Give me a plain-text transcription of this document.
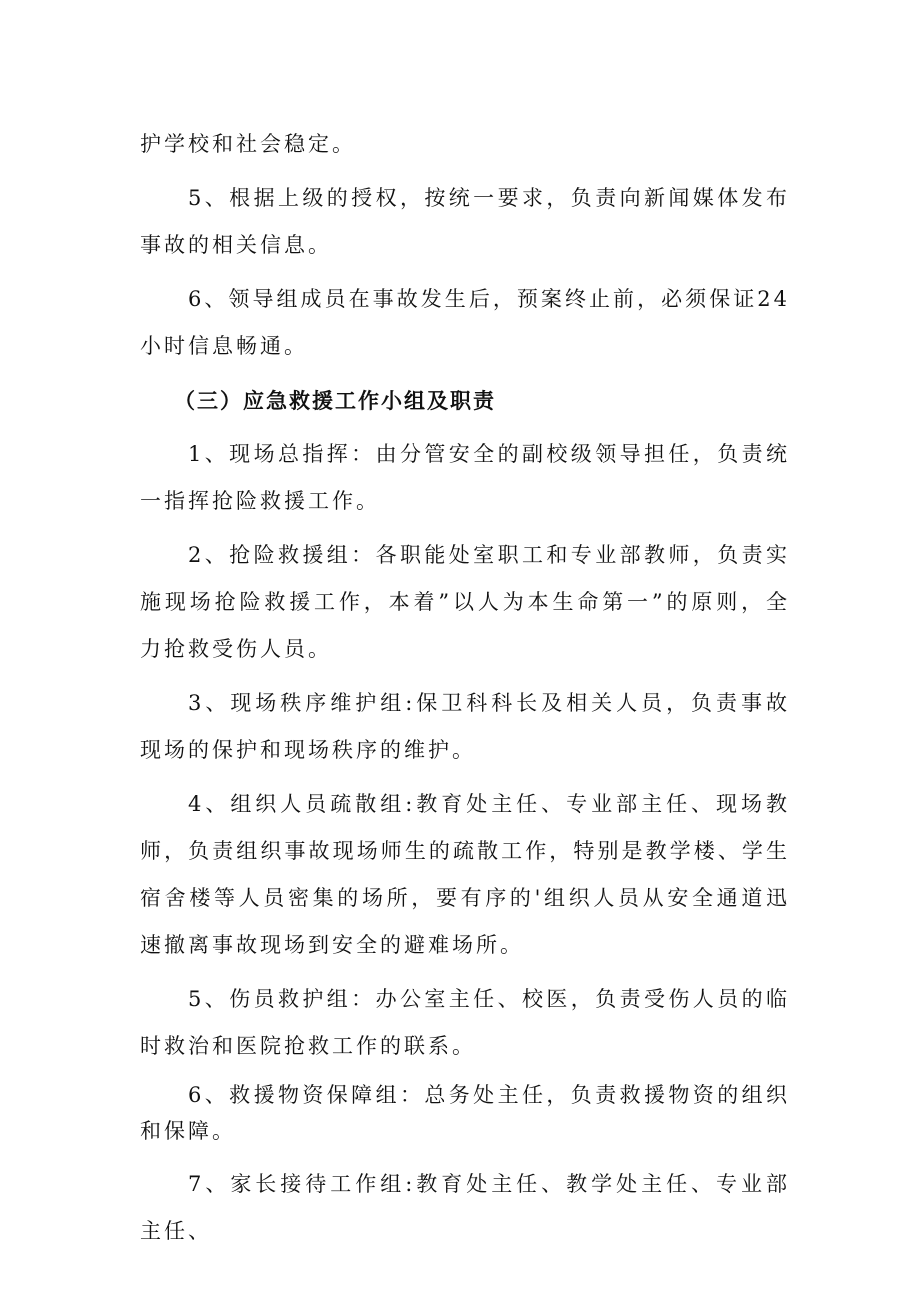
护学校和社会稳定。

5、根据上级的授权，按统一要求，负责向新闻媒体发布事故的相关信息。

6、领导组成员在事故发生后，预案终止前，必须保证24小时信息畅通。

（三）应急救援工作小组及职责

1、现场总指挥：由分管安全的副校级领导担任，负责统一指挥抢险救援工作。

2、抢险救援组：各职能处室职工和专业部教师，负责实施现场抢险救援工作，本着”以人为本生命第一”的原则，全力抢救受伤人员。

3、现场秩序维护组:保卫科科长及相关人员，负责事故现场的保护和现场秩序的维护。

4、组织人员疏散组:教育处主任、专业部主任、现场教师，负责组织事故现场师生的疏散工作，特别是教学楼、学生宿舍楼等人员密集的场所，要有序的'组织人员从安全通道迅速撤离事故现场到安全的避难场所。

5、伤员救护组：办公室主任、校医，负责受伤人员的临时救治和医院抢救工作的联系。

6、救援物资保障组：总务处主任，负责救援物资的组织和保障。

7、家长接待工作组:教育处主任、教学处主任、专业部主任、
